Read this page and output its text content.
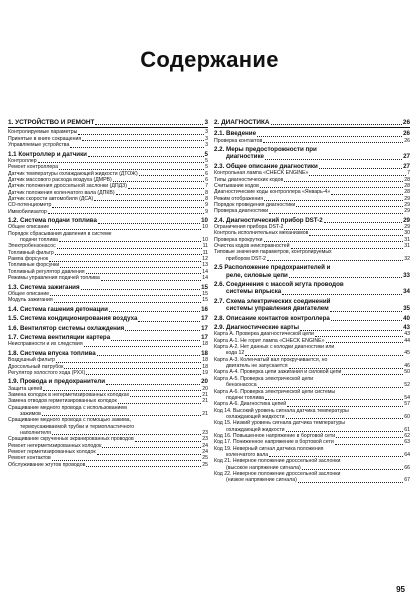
Содержание
1. УСТРОЙСТВО И РЕМОНТ	3
Контролируемые параметры	3
Принятые в книге сокращения	3
Управляемые устройства	3
1.1 Контроллер и датчики	5
Контроллер	5
Ремонт контроллера	5
Датчик температуры охлаждающей жидкости (ДТОЖ)	6
Датчик массового расхода воздуха (ДМРВ)	6
Датчик положения дроссельной заслонки (ДПДЗ)	7
Датчик положения коленчатого вала (ДПКВ)	8
Датчик скорости автомобиля (ДСА)	8
СО-потенциометр	9
Иммобилизатор	9
1.2. Система подачи топлива	10
Общее описание	10
Порядок сбрасывания давления в системе
подачи топлива	10
Электробензонасос	11
Топливный фильтр	11
Рампа форсунок	12
Топливные форсунки	13
Топливный регулятор давления	14
Режимы управления подачей топлива	14
1.3. Система зажигания	15
Общее описание	15
Модуль зажигания	15
1.4. Система гашения детонации	16
1.5. Система кондиционирования воздуха	17
1.6. Вентилятор системы охлаждения	17
1.7. Система вентиляции картера	17
Неисправности и их следствия	18
1.8. Система впуска топлива	18
Воздушный фильтр	18
Дроссельный патрубок	18
Регулятор холостого хода (РХХ)	19
1.9. Провода и предохранители	20
Защита цепей	20
Замена колодок в негерметизированных колодках	21
Замена отводов герметизированных колодок	21
Сращивание медного провода с использованием
зажимов	21
Сращивание медного провода с помощью зажима,
термоусаживаемой трубки и термопластичного
наполнителя	23
Сращивание скрученных экранированных проводов	23
Ремонт негерметизированных колодок	24
Ремонт герметизированных колодок	24
Ремонт контактов	25
Обслуживание жгутов проводов	25
2. ДИАГНОСТИКА	26
2.1. Введение	26
Проверка контактов	26
2.2. Меры предосторожности при
диагностике	27
2.3. Общее описание диагностики	27
Контрольная лампа «CHECK ENGINE»	7
Типы диагностических кодов	28
Считывание кодов	28
Диагностические коды контроллера «Январь-4»	28
Режим отображения	29
Порядок проведения диагностики	29
Проверка диагностики	29
2.4. Диагностический прибор DST-2	29
Ограничения прибора DST-2	29
Контроль исполнительных механизмов	30
Проверка прокрутки	31
Очистка кодов неисправностей	31
Типовые значения параметров, контролируемых
прибором DST-2	32
2.5 Расположение предохранителей и
реле, силовые цепи	33
2.6. Соединения с массой жгута проводов
системы впрыска	34
2.7. Схема электрических соединений
системы управления двигателем	35
2.8. Описание контактов контроллера	40
2.9. Диагностические карты	43
Карта А. Проверка диагностической цепи	43
Карта А-1. Не горит лампа «CHECK ENGINE»	44
Карта А-2. Нет данных с колодки диагностики или
кода 12	45
Карта А-3. Коленчатый вал прокручивается, но
двигатель не запускается	46
Карта А-4. Проверка цепи зажигания и силовой цепи	50
Карта А-5. Проверка электрической цепи
бензонасоса	52
Карта А-6. Проверка электрической цепи системы
подачи топлива	54
Карта А-6. Диагностика цепей	57
Код 14. Высокий уровень сигнала датчика температуры
охлаждающей жидкости	60
Код 15. Низкий уровень сигнала датчика температуры
охлаждающей жидкости	61
Код 16. Повышенное напряжение в бортовой сети	62
Код 17. Пониженное напряжение в бортовой сети	63
Код 19. Неверный сигнал датчика положения
коленчатого вала	64
Код 21. Неверное положение дроссельной заслонки
(высокое напряжение сигнала)	66
Код 22. Неверное положение дроссельной заслонки
(низкое напряжение сигнала)	67
95
